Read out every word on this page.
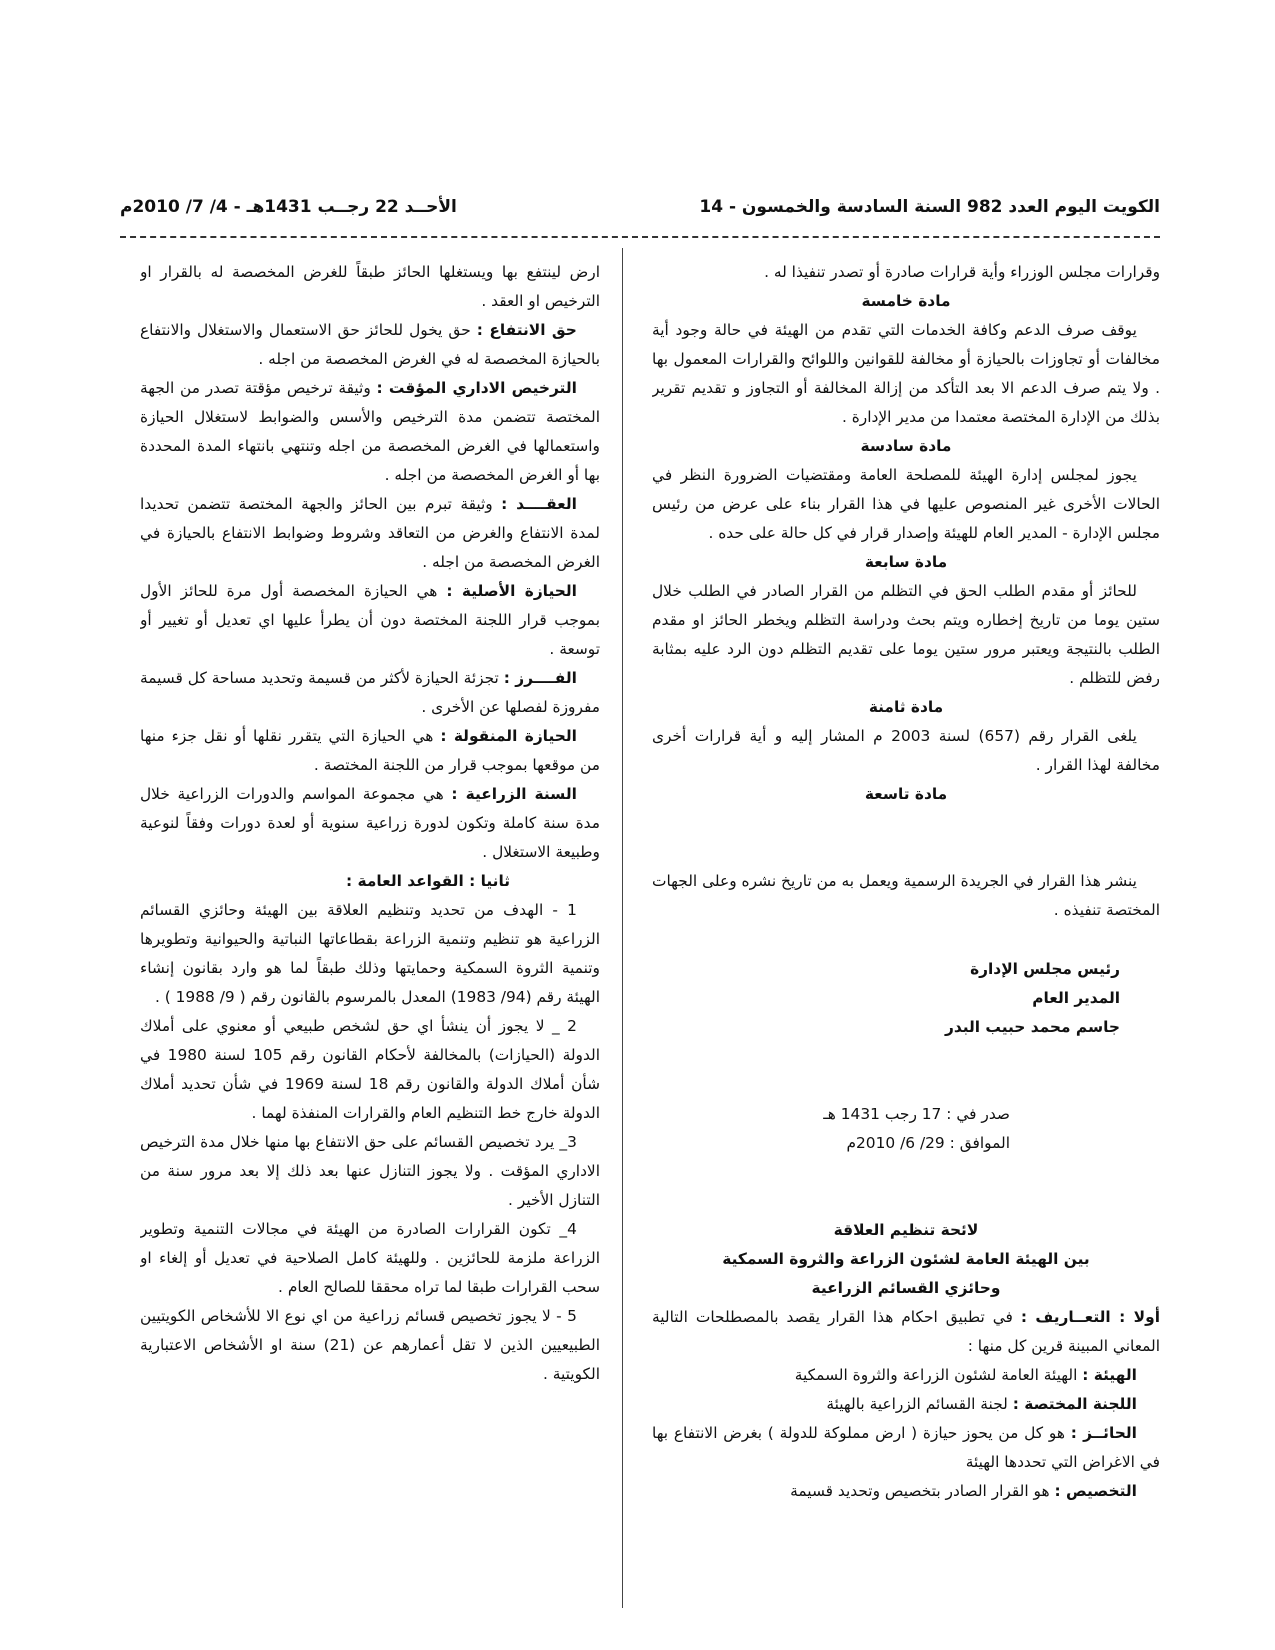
الكويت اليوم العدد 982 السنة السادسة والخمسون - 14
الأحــد 22 رجــب 1431هـ - 4/ 7/ 2010م

وقرارات مجلس الوزراء وأية قرارات صادرة أو تصدر تنفيذا له .

مادة خامسة

يوقف صرف الدعم وكافة الخدمات التي تقدم من الهيئة في حالة وجود أية مخالفات أو تجاوزات بالحيازة أو مخالفة للقوانين واللوائح والقرارات المعمول بها . ولا يتم صرف الدعم الا بعد التأكد من إزالة المخالفة أو التجاوز و تقديم تقرير بذلك من الإدارة المختصة معتمدا من مدير الإدارة .

مادة سادسة

يجوز لمجلس إدارة الهيئة للمصلحة العامة ومقتضيات الضرورة النظر في الحالات الأخرى غير المنصوص عليها في هذا القرار بناء على عرض من رئيس مجلس الإدارة - المدير العام للهيئة وإصدار قرار في كل حالة على حده .

مادة سابعة

للحائز أو مقدم الطلب الحق في التظلم من القرار الصادر في الطلب خلال ستين يوما من تاريخ إخطاره ويتم بحث ودراسة التظلم ويخطر الحائز او مقدم الطلب بالنتيجة ويعتبر مرور ستين يوما على تقديم التظلم دون الرد عليه بمثابة رفض للتظلم .

مادة ثامنة

يلغى القرار رقم (657) لسنة 2003 م المشار إليه و أية قرارات أخرى مخالفة لهذا القرار .

مادة تاسعة

ينشر هذا القرار في الجريدة الرسمية ويعمل به من تاريخ نشره وعلى الجهات المختصة تنفيذه .

رئيس مجلس الإدارة

المدير العام

جاسم محمد حبيب البدر

صدر في : 17 رجب 1431 هـ

الموافق : 29/ 6/ 2010م

لائحة تنظيم العلاقة

بين الهيئة العامة لشئون الزراعة والثروة السمكية

وحائزي القسائم الزراعية

أولا : التعــاريف : في تطبيق احكام هذا القرار يقصد بالمصطلحات التالية المعاني المبينة قرين كل منها :

الهيئة : الهيئة العامة لشئون الزراعة والثروة السمكية

اللجنة المختصة : لجنة القسائم الزراعية بالهيئة

الحائــز : هو كل من يحوز حيازة ( ارض مملوكة للدولة ) بغرض الانتفاع بها في الاغراض التي تحددها الهيئة

التخصيص : هو القرار الصادر بتخصيص وتحديد قسيمة

ارض لينتفع بها ويستغلها الحائز طبقاً للغرض المخصصة له بالقرار او الترخيص او العقد .

حق الانتفاع : حق يخول للحائز حق الاستعمال والاستغلال والانتفاع بالحيازة المخصصة له في الغرض المخصصة من اجله .

الترخيص الاداري المؤقت : وثيقة ترخيص مؤقتة تصدر من الجهة المختصة تتضمن مدة الترخيص والأسس والضوابط لاستغلال الحيازة واستعمالها في الغرض المخصصة من اجله وتنتهي بانتهاء المدة المحددة بها أو الغرض المخصصة من اجله .

العقــــد : وثيقة تبرم بين الحائز والجهة المختصة تتضمن تحديدا لمدة الانتفاع والغرض من التعاقد وشروط وضوابط الانتفاع بالحيازة في الغرض المخصصة من اجله .

الحيازة الأصلية : هي الحيازة المخصصة أول مرة للحائز الأول بموجب قرار اللجنة المختصة دون أن يطرأ عليها اي تعديل أو تغيير أو توسعة .

الفــــرز : تجزئة الحيازة لأكثر من قسيمة وتحديد مساحة كل قسيمة مفروزة لفصلها عن الأخرى .

الحيازة المنقولة : هي الحيازة التي يتقرر نقلها أو نقل جزء منها من موقعها بموجب قرار من اللجنة المختصة .

السنة الزراعية : هي مجموعة المواسم والدورات الزراعية خلال مدة سنة كاملة وتكون لدورة زراعية سنوية أو لعدة دورات وفقاً لنوعية وطبيعة الاستغلال .

ثانيا : القواعد العامة :

1 - الهدف من تحديد وتنظيم العلاقة بين الهيئة وحائزي القسائم الزراعية هو تنظيم وتنمية الزراعة بقطاعاتها النباتية والحيوانية وتطويرها وتنمية الثروة السمكية وحمايتها وذلك طبقاً لما هو وارد بقانون إنشاء الهيئة رقم (94/ 1983) المعدل بالمرسوم بالقانون رقم ( 9/ 1988 ) .

2 _ لا يجوز أن ينشأ اي حق لشخص طبيعي أو معنوي على أملاك الدولة (الحيازات) بالمخالفة لأحكام القانون رقم 105 لسنة 1980 في شأن أملاك الدولة والقانون رقم 18 لسنة 1969 في شأن تحديد أملاك الدولة خارج خط التنظيم العام والقرارات المنفذة لهما .

3_ يرد تخصيص القسائم على حق الانتفاع بها منها خلال مدة الترخيص الاداري المؤقت . ولا يجوز التنازل عنها بعد ذلك إلا بعد مرور سنة من التنازل الأخير .

4_ تكون القرارات الصادرة من الهيئة في مجالات التنمية وتطوير الزراعة ملزمة للحائزين . وللهيئة كامل الصلاحية في تعديل أو إلغاء او سحب القرارات طبقا لما تراه محققا للصالح العام .

5 - لا يجوز تخصيص قسائم زراعية من اي نوع الا للأشخاص الكويتيين الطبيعيين الذين لا تقل أعمارهم عن (21) سنة او الأشخاص الاعتبارية الكويتية .
